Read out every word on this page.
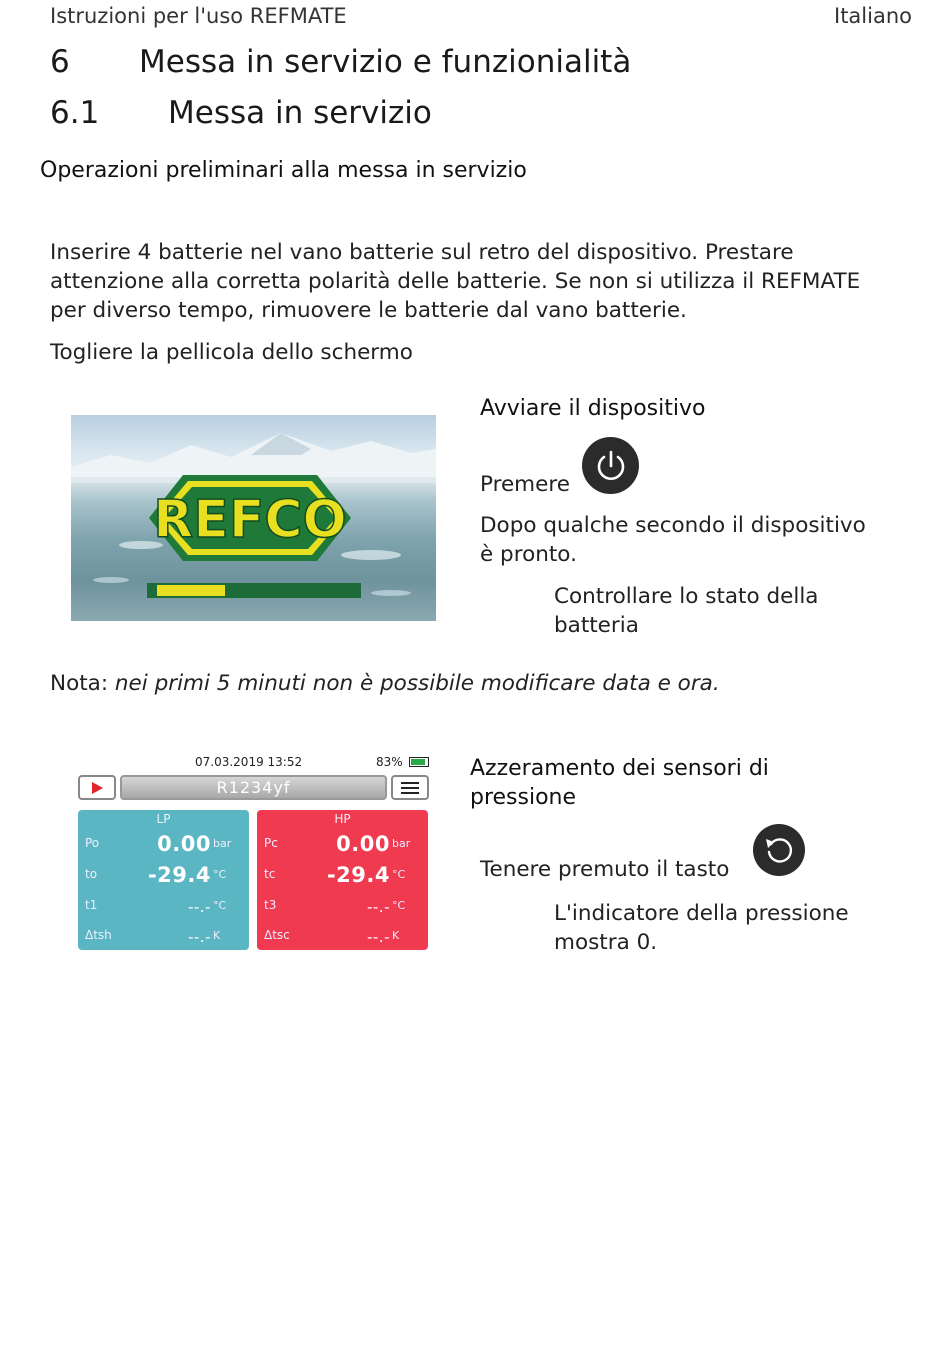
Istruzioni per l'uso REFMATE	Italiano
6 Messa in servizio e funzionialità
6.1 Messa in servizio
Operazioni preliminari alla messa in servizio
Inserire 4 batterie nel vano batterie sul retro del dispositivo. Prestare
attenzione alla corretta polarità delle batterie. Se non si utilizza il REFMATE
per diverso tempo, rimuovere le batterie dal vano batterie.
Togliere la pellicola dello schermo
REFCO
Avviare il dispositivo
Premere
Dopo qualche secondo il dispositivo
è pronto.
Controllare lo stato della
batteria
Nota: nei primi 5 minuti non è possibile modificare data e ora.
07.03.2019 13:52	83%
R1234yf
LP
Po	0.00 bar
to -29.4 °C
t1	--.- °C
Δtsh	--.- K
HP
Pc	0.00 bar
tc -29.4 °C
t3	--.- °C
Δtsc	--.- K
Azzeramento dei sensori di
pressione
Tenere premuto il tasto
L'indicatore della pressione
mostra 0.
